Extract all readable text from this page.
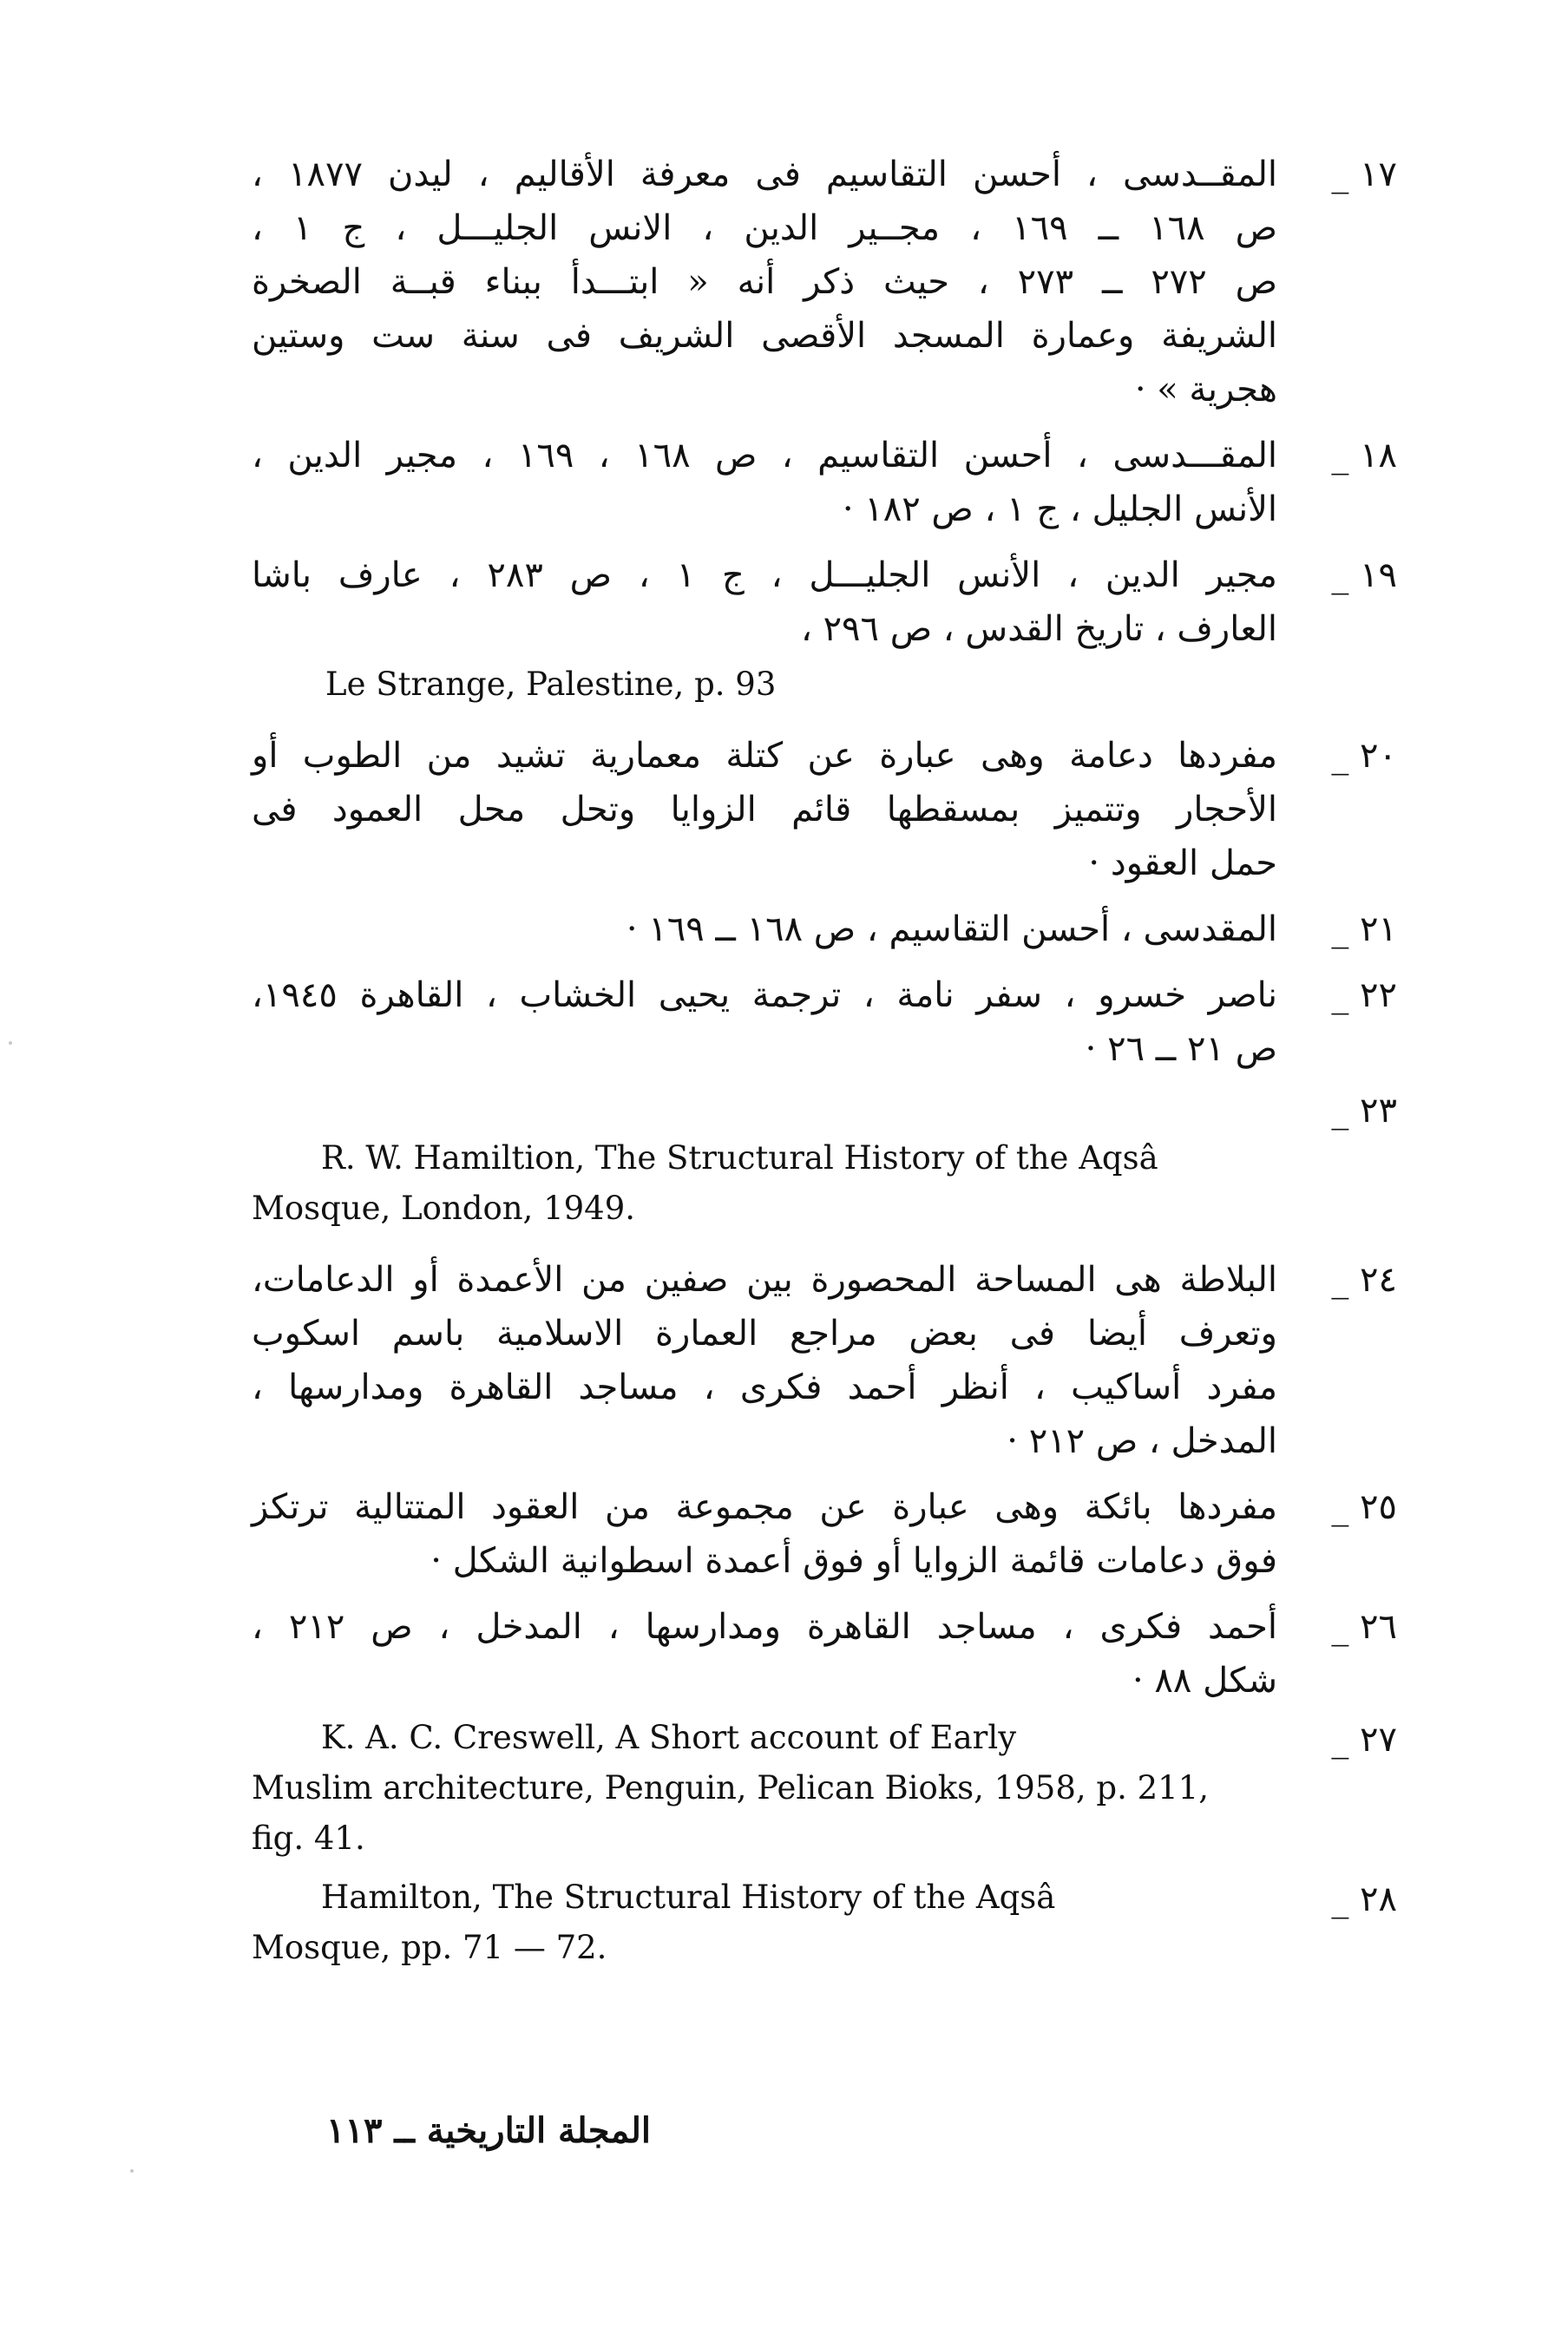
١٧ _
المقــدسى ، أحسن التقاسيم فى معرفة الأقاليم ، ليدن ١٨٧٧ ،
ص ١٦٨ ــ ١٦٩ ، مجــير الدين ، الانس الجليـــل ، ج ١ ،
ص ٢٧٢ ــ ٢٧٣ ، حيث ذكر أنه « ابتـــدأ ببناء قبــة الصخرة
الشريفة وعمارة المسجد الأقصى الشريف فى سنة ست وستين
هجرية » ·
١٨ _
المقـــدسى ، أحسن التقاسيم ، ص ١٦٨ ، ١٦٩ ، مجير الدين ،
الأنس الجليل ، ج ١ ، ص ١٨٢ ·
١٩ _
مجير الدين ، الأنس الجليـــل ، ج ١ ، ص ٢٨٣ ، عارف باشا
العارف ، تاريخ القدس ، ص ٢٩٦ ،
Le Strange, Palestine, p. 93
٢٠ _
مفردها دعامة وهى عبارة عن كتلة معمارية تشيد من الطوب أو
الأحجار وتتميز بمسقطها قائم الزوايا وتحل محل العمود فى
حمل العقود ·
٢١ _
المقدسى ، أحسن التقاسيم ، ص ١٦٨ ــ ١٦٩ ·
٢٢ _
ناصر خسرو ، سفر نامة ، ترجمة يحيى الخشاب ، القاهرة ١٩٤٥،
ص ٢١ ــ ٢٦ ·
٢٣ _
R. W. Hamiltion, The Structural History of the Aqsâ
Mosque, London, 1949.
٢٤ _
البلاطة هى المساحة المحصورة بين صفين من الأعمدة أو الدعامات،
وتعرف أيضا فى بعض مراجع العمارة الاسلامية باسم اسكوب
مفرد أساكيب ، أنظر أحمد فكرى ، مساجد القاهرة ومدارسها ،
المدخل ، ص ٢١٢ ·
٢٥ _
مفردها بائكة وهى عبارة عن مجموعة من العقود المتتالية ترتكز
فوق دعامات قائمة الزوايا أو فوق أعمدة اسطوانية الشكل ·
٢٦ _
أحمد فكرى ، مساجد القاهرة ومدارسها ، المدخل ، ص ٢١٢ ،
شكل ٨٨ ·
K. A. C. Creswell, A Short account of Early
Muslim architecture, Penguin, Pelican Bioks, 1958, p. 211,
fig. 41.
٢٧ _
Hamilton, The Structural History of the Aqsâ
Mosque, pp. 71 — 72.
٢٨ _
المجلة التاريخية ــ ١١٣
